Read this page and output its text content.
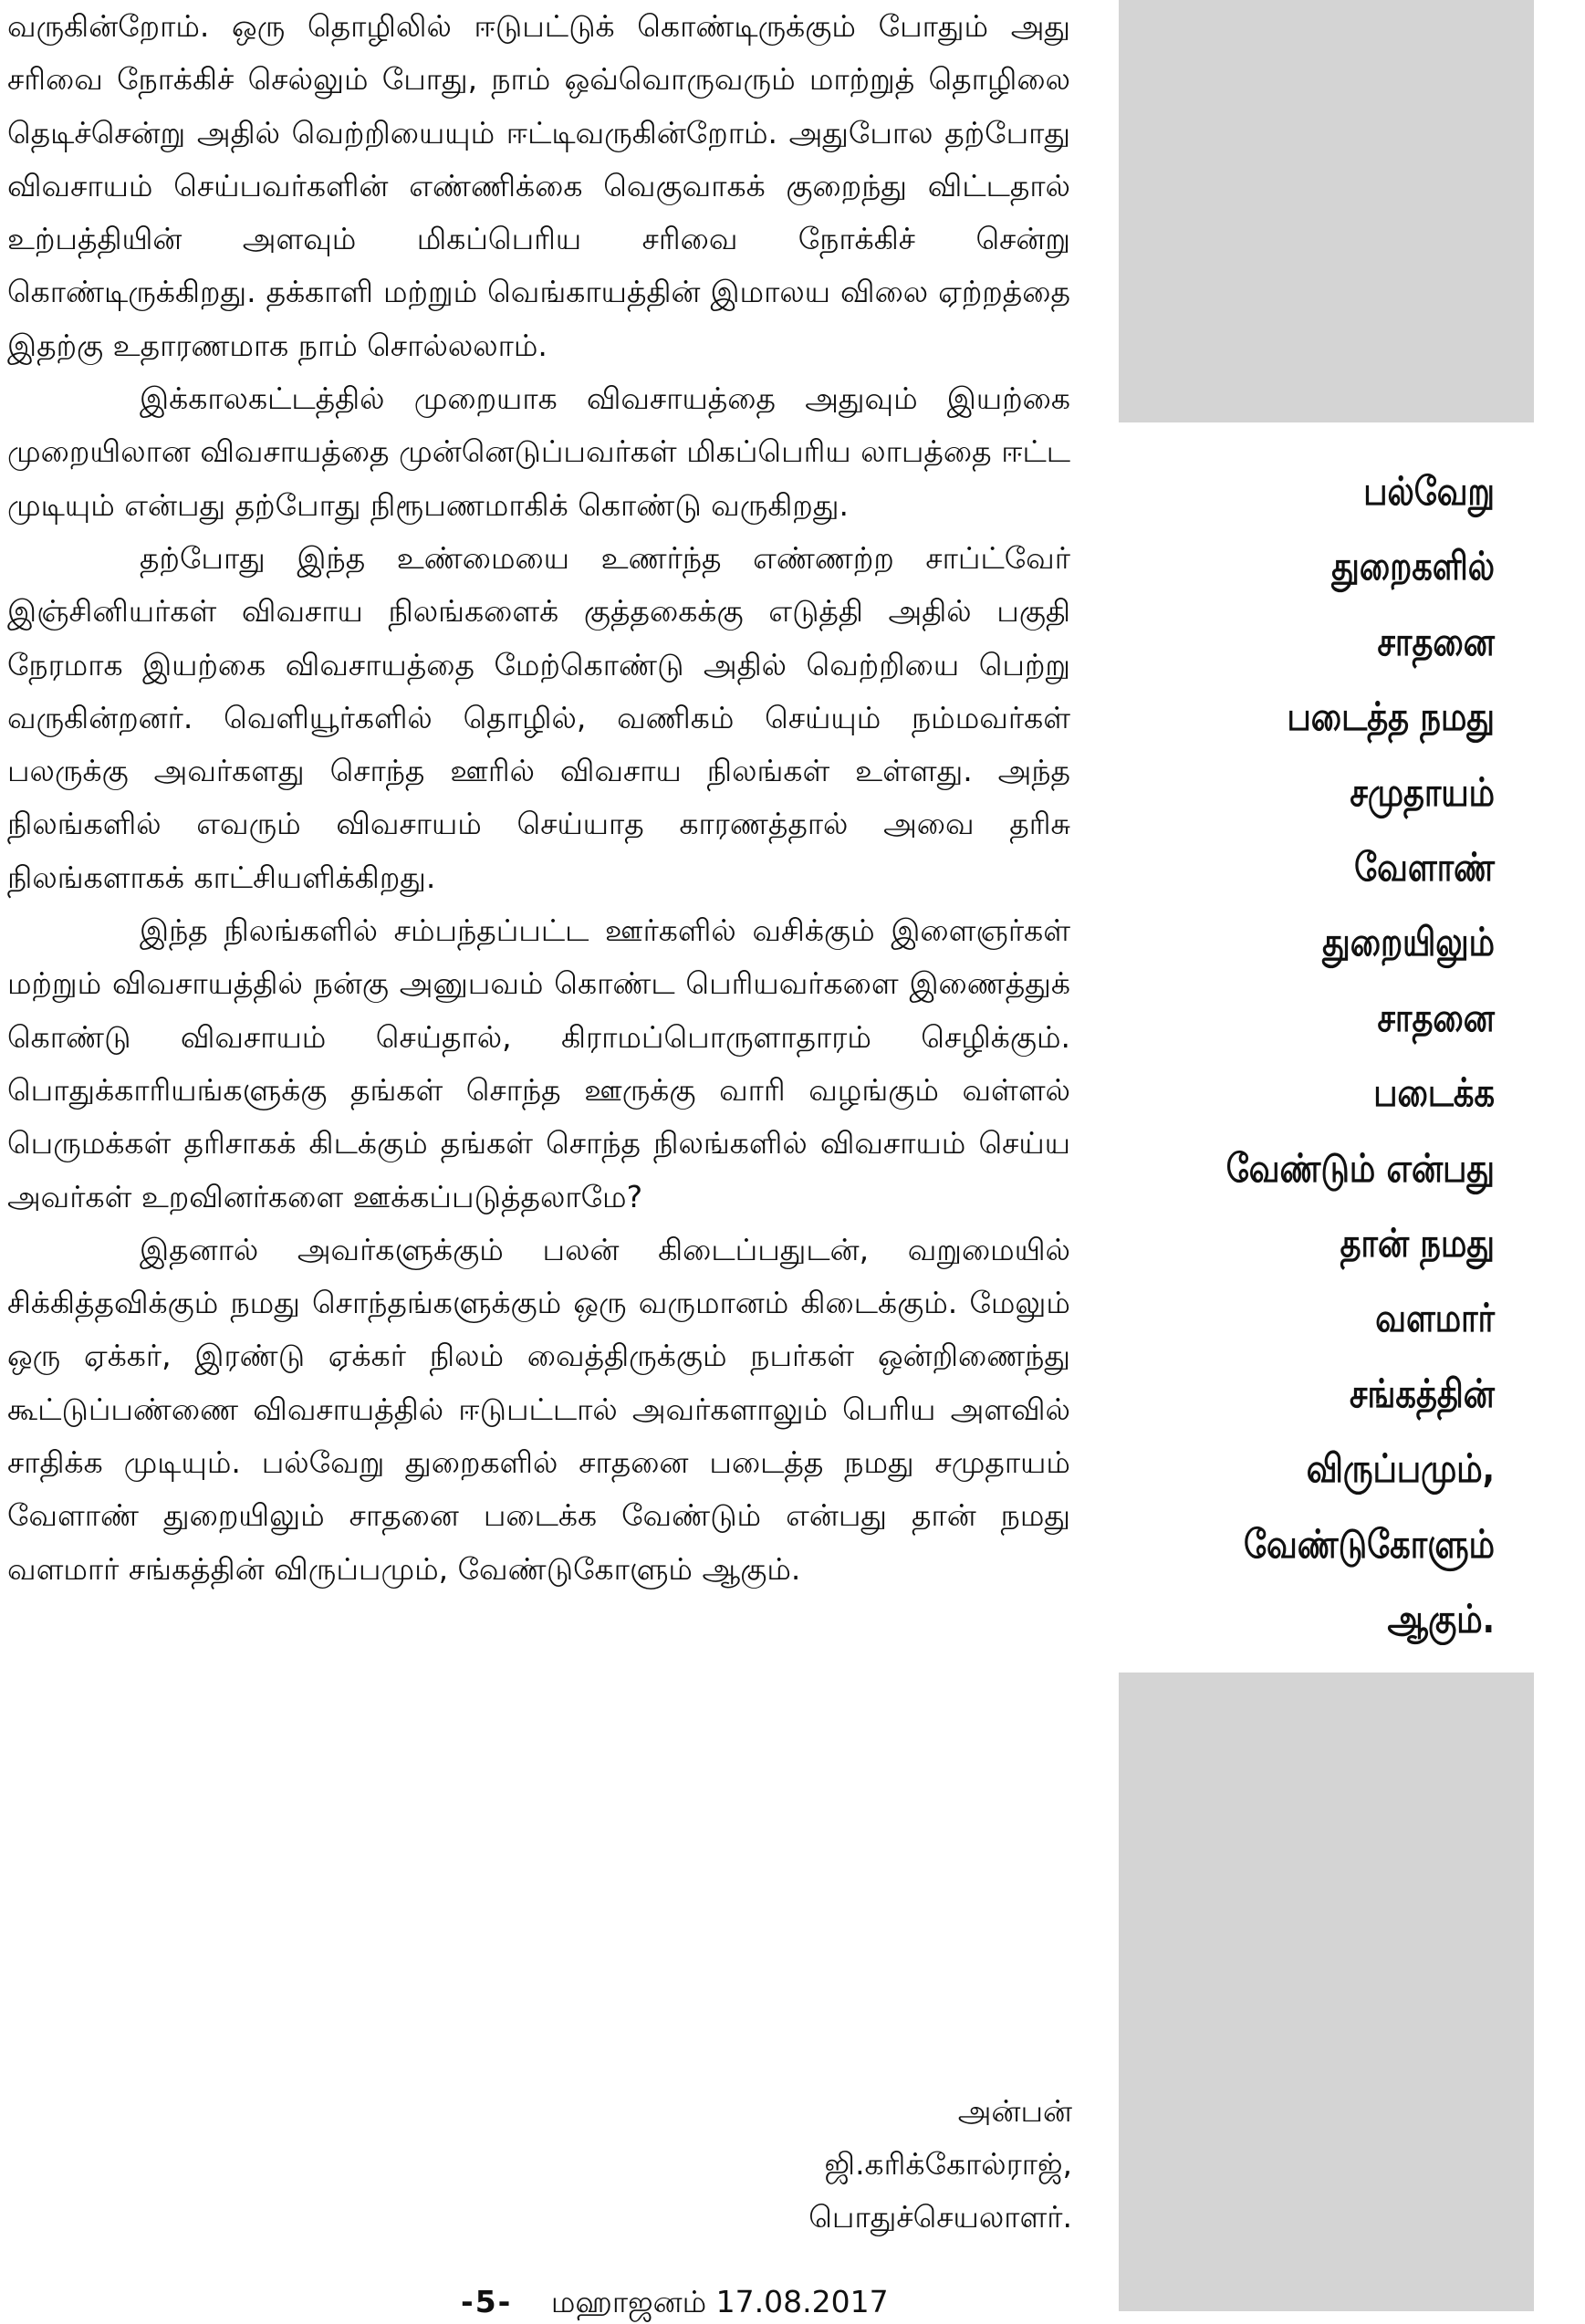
வருகின்றோம். ஒரு தொழிலில் ஈடுபட்டுக் கொண்டிருக்கும் போதும் அது சரிவை நோக்கிச் செல்லும் போது, நாம் ஒவ்வொருவரும் மாற்றுத் தொழிலை தெடிச்சென்று அதில் வெற்றியையும் ஈட்டிவருகின்றோம். அதுபோல தற்போது விவசாயம் செய்பவர்களின் எண்ணிக்கை வெகுவாகக் குறைந்து விட்டதால் உற்பத்தியின் அளவும் மிகப்பெரிய சரிவை நோக்கிச் சென்று கொண்டிருக்கிறது. தக்காளி மற்றும் வெங்காயத்தின் இமாலய விலை ஏற்றத்தை இதற்கு உதாரணமாக நாம் சொல்லலாம்.

இக்காலகட்டத்தில் முறையாக விவசாயத்தை அதுவும் இயற்கை முறையிலான விவசாயத்தை முன்னெடுப்பவர்கள் மிகப்பெரிய லாபத்தை ஈட்ட முடியும் என்பது தற்போது நிரூபணமாகிக் கொண்டு வருகிறது.

தற்போது இந்த உண்மையை உணர்ந்த எண்ணற்ற சாப்ட்வேர் இஞ்சினியர்கள் விவசாய நிலங்களைக் குத்தகைக்கு எடுத்தி அதில் பகுதி நேரமாக இயற்கை விவசாயத்தை மேற்கொண்டு அதில் வெற்றியை பெற்று வருகின்றனர். வெளியூர்களில் தொழில், வணிகம் செய்யும் நம்மவர்கள் பலருக்கு அவர்களது சொந்த ஊரில் விவசாய நிலங்கள் உள்ளது. அந்த நிலங்களில் எவரும் விவசாயம் செய்யாத காரணத்தால் அவை தரிசு நிலங்களாகக் காட்சியளிக்கிறது.

இந்த நிலங்களில் சம்பந்தப்பட்ட ஊர்களில் வசிக்கும் இளைஞர்கள் மற்றும் விவசாயத்தில் நன்கு அனுபவம் கொண்ட பெரியவர்களை இணைத்துக் கொண்டு விவசாயம் செய்தால், கிராமப்பொருளாதாரம் செழிக்கும். பொதுக்காரியங்களுக்கு தங்கள் சொந்த ஊருக்கு வாரி வழங்கும் வள்ளல் பெருமக்கள் தரிசாகக் கிடக்கும் தங்கள் சொந்த நிலங்களில் விவசாயம் செய்ய அவர்கள் உறவினர்களை ஊக்கப்படுத்தலாமே?

இதனால் அவர்களுக்கும் பலன் கிடைப்பதுடன், வறுமையில் சிக்கித்தவிக்கும் நமது சொந்தங்களுக்கும் ஒரு வருமானம் கிடைக்கும். மேலும் ஒரு ஏக்கர், இரண்டு ஏக்கர் நிலம் வைத்திருக்கும் நபர்கள் ஒன்றிணைந்து கூட்டுப்பண்ணை விவசாயத்தில் ஈடுபட்டால் அவர்களாலும் பெரிய அளவில் சாதிக்க முடியும். பல்வேறு துறைகளில் சாதனை படைத்த நமது சமுதாயம் வேளாண் துறையிலும் சாதனை படைக்க வேண்டும் என்பது தான் நமது வளமார் சங்கத்தின் விருப்பமும், வேண்டுகோளும் ஆகும்.

அன்பன்
ஜி.கரிக்கோல்ராஜ்,
பொதுச்செயலாளர்.
பல்வேறு
துறைகளில்
சாதனை
படைத்த நமது
சமுதாயம்
வேளாண்
துறையிலும்
சாதனை
படைக்க
வேண்டும் என்பது
தான் நமது
வளமார்
சங்கத்தின்
விருப்பமும்,
வேண்டுகோளும்
ஆகும்.
-5- மஹாஜனம் 17.08.2017
